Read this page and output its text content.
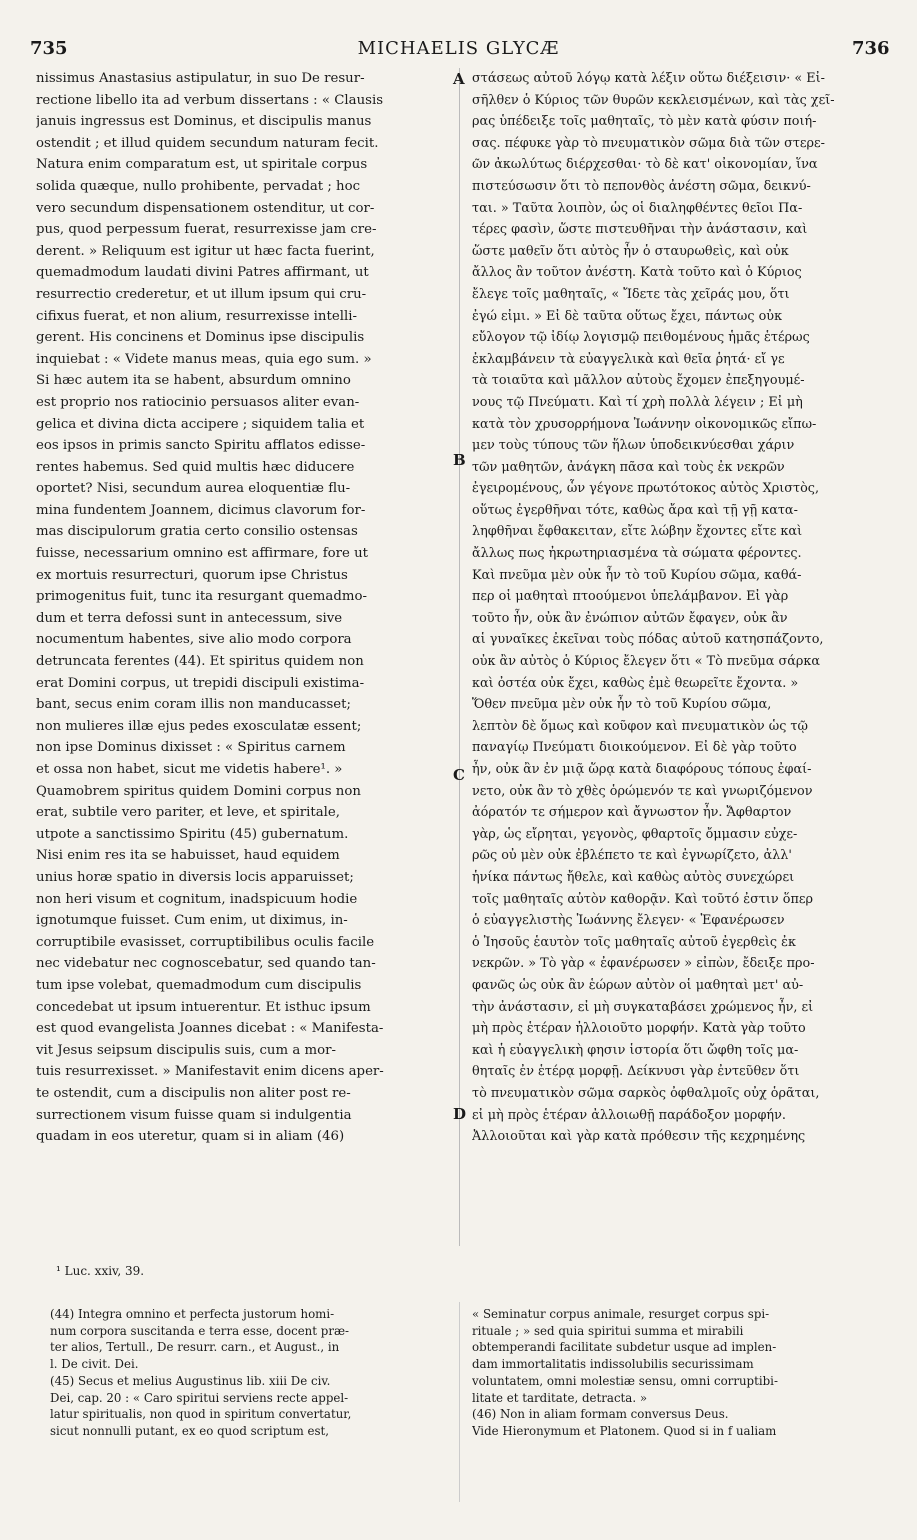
735	MICHAELIS GLYCÆ	736

nissimus Anastasius astipulatur, in suo De resur-

rectione libello ita ad verbum dissertans : « Clausis

januis ingressus est Dominus, et discipulis manus

ostendit ; et illud quidem secundum naturam fecit.

Natura enim comparatum est, ut spiritale corpus

solida quæque, nullo prohibente, pervadat ; hoc

vero secundum dispensationem ostenditur, ut cor-

pus, quod perpessum fuerat, resurrexisse jam cre-

derent. » Reliquum est igitur ut hæc facta fuerint,

quemadmodum laudati divini Patres affirmant, ut

resurrectio crederetur, et ut illum ipsum qui cru-

cifixus fuerat, et non alium, resurrexisse intelli-

gerent. His concinens et Dominus ipse discipulis

inquiebat : « Videte manus meas, quia ego sum. »

Si hæc autem ita se habent, absurdum omnino

est proprio nos ratiocinio persuasos aliter evan-

gelica et divina dicta accipere ; siquidem talia et

eos ipsos in primis sancto Spiritu afflatos edisse-

rentes habemus. Sed quid multis hæc diducere

oportet? Nisi, secundum aurea eloquentiæ flu-

mina fundentem Joannem, dicimus clavorum for-

mas discipulorum gratia certo consilio ostensas

fuisse, necessarium omnino est affirmare, fore ut

ex mortuis resurrecturi, quorum ipse Christus

primogenitus fuit, tunc ita resurgant quemadmo-

dum et terra defossi sunt in antecessum, sive

nocumentum habentes, sive alio modo corpora

detruncata ferentes (44). Et spiritus quidem non

erat Domini corpus, ut trepidi discipuli existima-

bant, secus enim coram illis non manducasset;

non mulieres illæ ejus pedes exosculatæ essent;

non ipse Dominus dixisset : « Spiritus carnem

et ossa non habet, sicut me videtis habere¹. »

Quamobrem spiritus quidem Domini corpus non

erat, subtile vero pariter, et leve, et spiritale,

utpote a sanctissimo Spiritu (45) gubernatum.

Nisi enim res ita se habuisset, haud equidem

unius horæ spatio in diversis locis apparuisset;

non heri visum et cognitum, inadspicuum hodie

ignotumque fuisset. Cum enim, ut diximus, in-

corruptibile evasisset, corruptibilibus oculis facile

nec videbatur nec cognoscebatur, sed quando tan-

tum ipse volebat, quemadmodum cum discipulis

concedebat ut ipsum intuerentur. Et isthuc ipsum

est quod evangelista Joannes dicebat : « Manifesta-

vit Jesus seipsum discipulis suis, cum a mor-

tuis resurrexisset. » Manifestavit enim dicens aper-

te ostendit, cum a discipulis non aliter post re-

surrectionem visum fuisse quam si indulgentia

quadam in eos uteretur, quam si in aliam (46)

στάσεως αὐτοῦ λόγῳ κατὰ λέξιν οὕτω διέξεισιν· « Εἰ-

σῆλθεν ὁ Κύριος τῶν θυρῶν κεκλεισμένων, καὶ τὰς χεῖ-

ρας ὑπέδειξε τοῖς μαθηταῖς, τὸ μὲν κατὰ φύσιν ποιή-

σας. πέφυκε γὰρ τὸ πνευματικὸν σῶμα διὰ τῶν στερε-

ῶν ἀκωλύτως διέρχεσθαι· τὸ δὲ κατ' οἰκονομίαν, ἵνα

πιστεύσωσιν ὅτι τὸ πεπονθὸς ἀνέστη σῶμα, δεικνύ-

ται. » Ταῦτα λοιπὸν, ὡς οἱ διαληφθέντες θεῖοι Πα-

τέρες φασὶν, ὥστε πιστευθῆναι τὴν ἀνάστασιν, καὶ

ὥστε μαθεῖν ὅτι αὐτὸς ἦν ὁ σταυρωθεὶς, καὶ οὐκ

ἄλλος ἂν τοῦτον ἀνέστη. Κατὰ τοῦτο καὶ ὁ Κύριος

ἔλεγε τοῖς μαθηταῖς, « Ἴδετε τὰς χεῖράς μου, ὅτι

ἐγώ εἰμι. » Εἰ δὲ ταῦτα οὕτως ἔχει, πάντως οὐκ

εὔλογον τῷ ἰδίῳ λογισμῷ πειθομένους ἡμᾶς ἑτέρως

ἐκλαμβάνειν τὰ εὐαγγελικὰ καὶ θεῖα ῥητά· εἴ γε

τὰ τοιαῦτα καὶ μᾶλλον αὐτοὺς ἔχομεν ἐπεξηγουμέ-

νους τῷ Πνεύματι. Καὶ τί χρὴ πολλὰ λέγειν ; Εἰ μὴ

κατὰ τὸν χρυσορρήμονα Ἰωάννην οἰκονομικῶς εἴπω-

μεν τοὺς τύπους τῶν ἥλων ὑποδεικνύεσθαι χάριν

τῶν μαθητῶν, ἀνάγκη πᾶσα καὶ τοὺς ἐκ νεκρῶν

ἐγειρομένους, ὧν γέγονε πρωτότοκος αὐτὸς Χριστὸς,

οὕτως ἐγερθῆναι τότε, καθὼς ἄρα καὶ τῇ γῇ κατα-

ληφθῆναι ἔφθακειταν, εἴτε λώβην ἔχοντες εἴτε καὶ

ἄλλως πως ἠκρωτηριασμένα τὰ σώματα φέροντες.

Καὶ πνεῦμα μὲν οὐκ ἦν τὸ τοῦ Κυρίου σῶμα, καθά-

περ οἱ μαθηταὶ πτοούμενοι ὑπελάμβανον. Εἰ γὰρ

τοῦτο ἦν, οὐκ ἂν ἐνώπιον αὐτῶν ἔφαγεν, οὐκ ἂν

αἱ γυναῖκες ἐκεῖναι τοὺς πόδας αὐτοῦ κατησπάζοντο,

οὐκ ἂν αὐτὸς ὁ Κύριος ἔλεγεν ὅτι « Τὸ πνεῦμα σάρκα

καὶ ὀστέα οὐκ ἔχει, καθὼς ἐμὲ θεωρεῖτε ἔχοντα. »

Ὅθεν πνεῦμα μὲν οὐκ ἦν τὸ τοῦ Κυρίου σῶμα,

λεπτὸν δὲ ὅμως καὶ κοῦφον καὶ πνευματικὸν ὡς τῷ

παναγίῳ Πνεύματι διοικούμενον. Εἰ δὲ γὰρ τοῦτο

ἦν, οὐκ ἂν ἐν μιᾷ ὥρᾳ κατὰ διαφόρους τόπους ἐφαί-

νετο, οὐκ ἂν τὸ χθὲς ὁρώμενόν τε καὶ γνωριζόμενον

ἀόρατόν τε σήμερον καὶ ἄγνωστον ἦν. Ἄφθαρτον

γὰρ, ὡς εἴρηται, γεγονὸς, φθαρτοῖς ὄμμασιν εὐχε-

ρῶς οὐ μὲν οὐκ ἐβλέπετο τε καὶ ἐγνωρίζετο, ἀλλ'

ἡνίκα πάντως ἤθελε, καὶ καθὼς αὐτὸς συνεχώρει

τοῖς μαθηταῖς αὐτὸν καθορᾷν. Καὶ τοῦτό ἐστιν ὅπερ

ὁ εὐαγγελιστὴς Ἰωάννης ἔλεγεν· « Ἐφανέρωσεν

ὁ Ἰησοῦς ἑαυτὸν τοῖς μαθηταῖς αὐτοῦ ἐγερθεὶς ἐκ

νεκρῶν. » Τὸ γὰρ « ἐφανέρωσεν » εἰπὼν, ἔδειξε προ-

φανῶς ὡς οὐκ ἂν ἑώρων αὐτὸν οἱ μαθηταὶ μετ' αὐ-

τὴν ἀνάστασιν, εἰ μὴ συγκαταβάσει χρώμενος ἦν, εἰ

μὴ πρὸς ἑτέραν ἠλλοιοῦτο μορφήν. Κατὰ γὰρ τοῦτο

καὶ ἡ εὐαγγελικὴ φησιν ἱστορία ὅτι ὤφθη τοῖς μα-

θηταῖς ἐν ἑτέρᾳ μορφῇ. Δείκνυσι γὰρ ἐντεῦθεν ὅτι

τὸ πνευματικὸν σῶμα σαρκὸς ὀφθαλμοῖς οὐχ ὁρᾶται,

εἰ μὴ πρὸς ἑτέραν ἀλλοιωθῇ παράδοξον μορφήν.

Ἀλλοιοῦται καὶ γὰρ κατὰ πρόθεσιν τῆς κεχρημένης

A
B
C
D
¹ Luc. xxiv, 39.

(44) Integra omnino et perfecta justorum homi-

num corpora suscitanda e terra esse, docent præ-

ter alios, Tertull., De resurr. carn., et August., in

l. De civit. Dei.

(45) Secus et melius Augustinus lib. xiii De civ.

Dei, cap. 20 : « Caro spiritui serviens recte appel-

latur spiritualis, non quod in spiritum convertatur,

sicut nonnulli putant, ex eo quod scriptum est,

« Seminatur corpus animale, resurget corpus spi-

rituale ; » sed quia spiritui summa et mirabili

obtemperandi facilitate subdetur usque ad implen-

dam immortalitatis indissolubilis securissimam

voluntatem, omni molestiæ sensu, omni corruptibi-

litate et tarditate, detracta. »

(46) Non in aliam formam conversus Deus.

Vide Hieronymum et Platonem. Quod si in f ualiam
